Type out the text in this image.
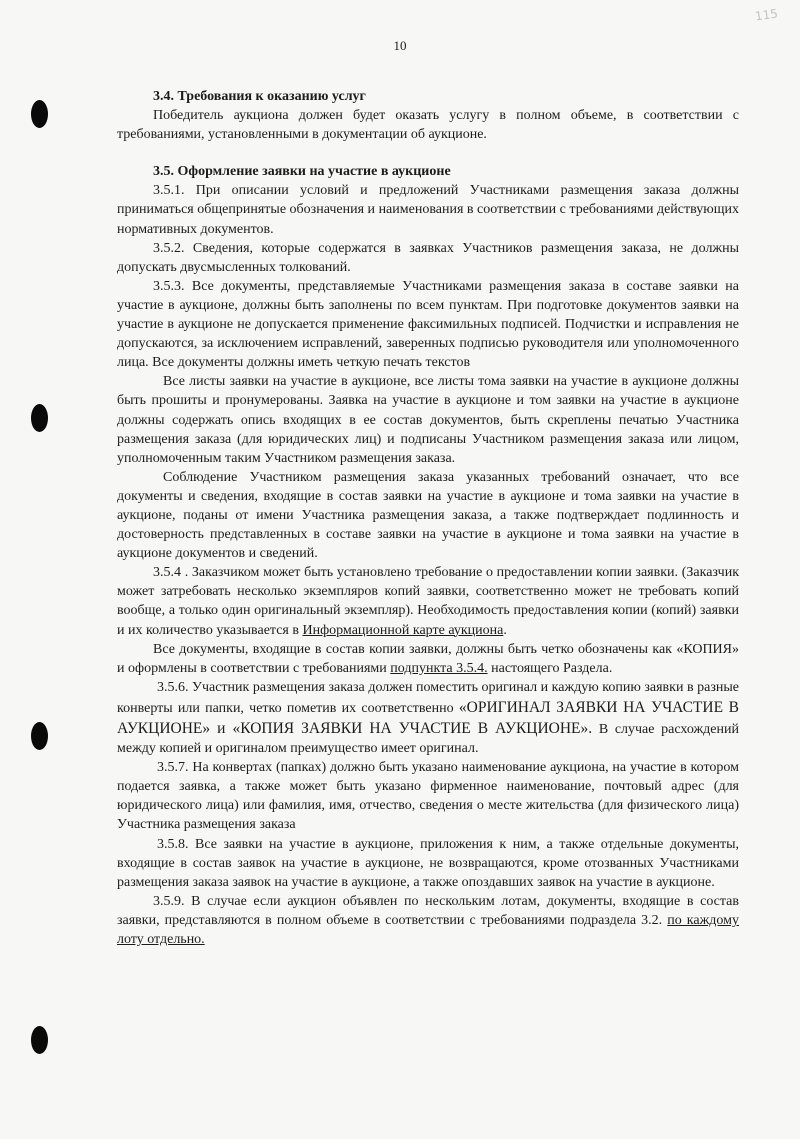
10
115
3.4. Требования к оказанию услуг

Победитель аукциона должен будет оказать услугу в полном объеме, в соответствии с требованиями, установленными в документации об аукционе.

3.5. Оформление заявки на участие в аукционе

3.5.1. При описании условий и предложений Участниками размещения заказа должны приниматься общепринятые обозначения и наименования в соответствии с требованиями действующих нормативных документов.

3.5.2. Сведения, которые содержатся в заявках Участников размещения заказа, не должны допускать двусмысленных толкований.

3.5.3. Все документы, представляемые Участниками размещения заказа в составе заявки на участие в аукционе, должны быть заполнены по всем пунктам. При подготовке документов заявки на участие в аукционе не допускается применение факсимильных подписей. Подчистки и исправления не допускаются, за исключением исправлений, заверенных подписью руководителя или уполномоченного лица. Все документы должны иметь четкую печать текстов

Все листы заявки на участие в аукционе, все листы тома заявки на участие в аукционе должны быть прошиты и пронумерованы. Заявка на участие в аукционе и том заявки на участие в аукционе должны содержать опись входящих в ее состав документов, быть скреплены печатью Участника размещения заказа (для юридических лиц) и подписаны Участником размещения заказа или лицом, уполномоченным таким Участником размещения заказа.

Соблюдение Участником размещения заказа указанных требований означает, что все документы и сведения, входящие в состав заявки на участие в аукционе и тома заявки на участие в аукционе, поданы от имени Участника размещения заказа, а также подтверждает подлинность и достоверность представленных в составе заявки на участие в аукционе и тома заявки на участие в аукционе документов и сведений.

3.5.4 . Заказчиком может быть установлено требование о предоставлении копии заявки. (Заказчик может затребовать несколько экземпляров копий заявки, соответственно может не требовать копий вообще, а только один оригинальный экземпляр). Необходимость предоставления копии (копий) заявки и их количество указывается в Информационной карте аукциона.

Все документы, входящие в состав копии заявки, должны быть четко обозначены как «КОПИЯ» и оформлены в соответствии с требованиями подпункта 3.5.4. настоящего Раздела.

3.5.6. Участник размещения заказа должен поместить оригинал и каждую копию заявки в разные конверты или папки, четко пометив их соответственно «ОРИГИНАЛ ЗАЯВКИ НА УЧАСТИЕ В АУКЦИОНЕ» и «КОПИЯ ЗАЯВКИ НА УЧАСТИЕ В АУКЦИОНЕ». В случае расхождений между копией и оригиналом преимущество имеет оригинал.

3.5.7. На конвертах (папках) должно быть указано наименование аукциона, на участие в котором подается заявка, а также может быть указано фирменное наименование, почтовый адрес (для юридического лица) или фамилия, имя, отчество, сведения о месте жительства (для физического лица) Участника размещения заказа

3.5.8. Все заявки на участие в аукционе, приложения к ним, а также отдельные документы, входящие в состав заявок на участие в аукционе, не возвращаются, кроме отозванных Участниками размещения заказа заявок на участие в аукционе, а также опоздавших заявок на участие в аукционе.

3.5.9. В случае если аукцион объявлен по нескольким лотам, документы, входящие в состав заявки, представляются в полном объеме в соответствии с требованиями подраздела 3.2. по каждому лоту отдельно.
